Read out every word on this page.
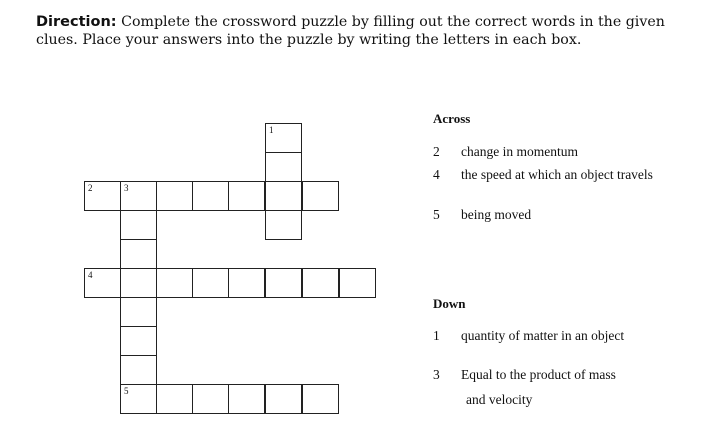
Direction: Complete the crossword puzzle by filling out the correct words in the given clues. Place your answers into the puzzle by writing the letters in each box.
1
2	3
4
5
Across
2 change in momentum
4 the speed at which an object travels
5 being moved
Down
1 quantity of matter in an object
3 Equal to the product of mass
and velocity
